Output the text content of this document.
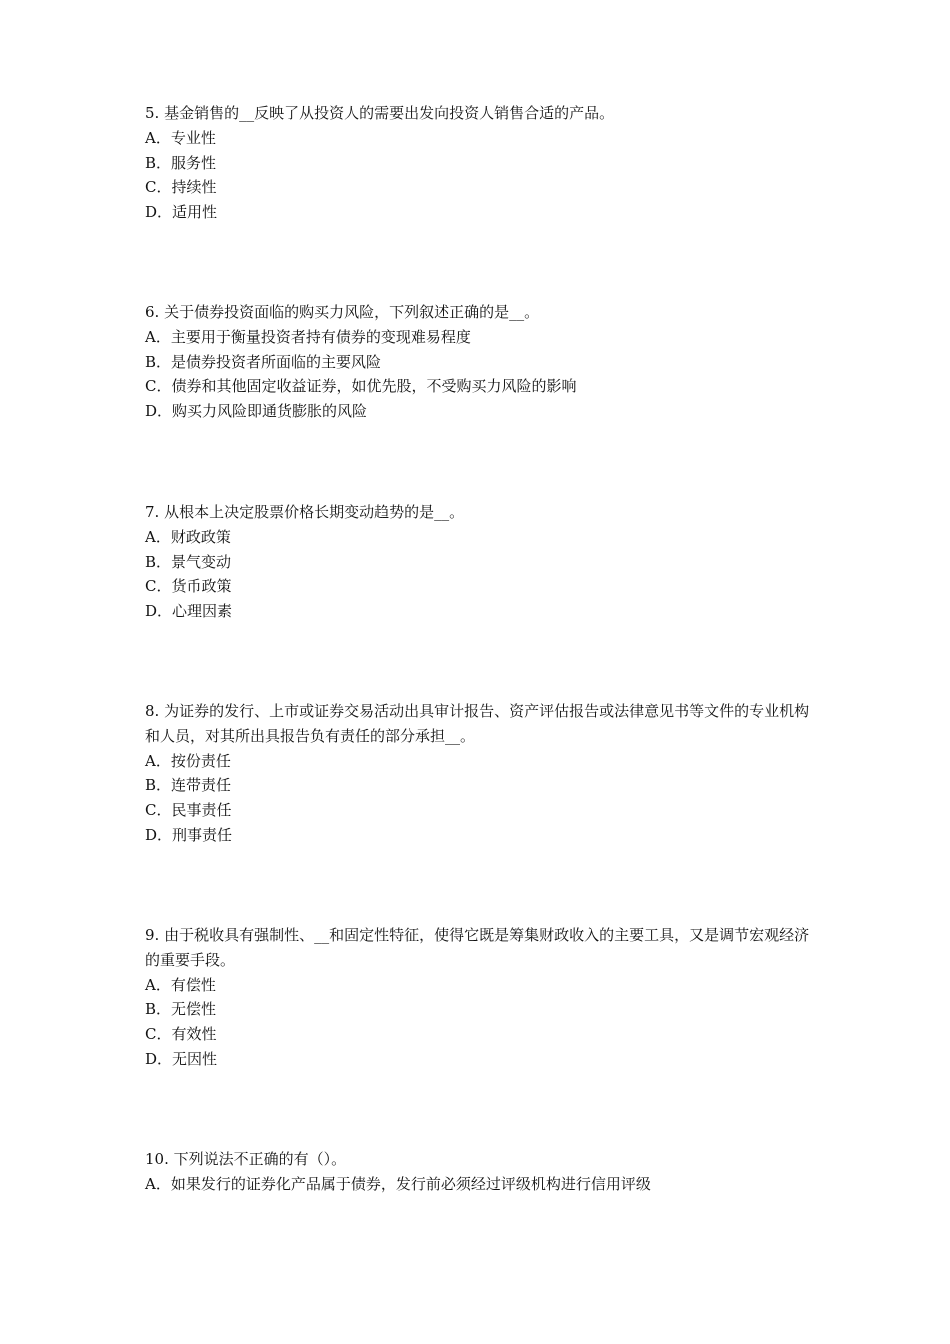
5. 基金销售的__反映了从投资人的需要出发向投资人销售合适的产品。
A．专业性
B．服务性
C．持续性
D．适用性
6. 关于债券投资面临的购买力风险，下列叙述正确的是__。
A．主要用于衡量投资者持有债券的变现难易程度
B．是债券投资者所面临的主要风险
C．债券和其他固定收益证券，如优先股，不受购买力风险的影响
D．购买力风险即通货膨胀的风险
7. 从根本上决定股票价格长期变动趋势的是__。
A．财政政策
B．景气变动
C．货币政策
D．心理因素
8. 为证券的发行、上市或证券交易活动出具审计报告、资产评估报告或法律意见书等文件的专业机构和人员，对其所出具报告负有责任的部分承担__。
A．按份责任
B．连带责任
C．民事责任
D．刑事责任
9. 由于税收具有强制性、__和固定性特征，使得它既是筹集财政收入的主要工具，又是调节宏观经济的重要手段。
A．有偿性
B．无偿性
C．有效性
D．无因性
10. 下列说法不正确的有（）。
A．如果发行的证券化产品属于债券，发行前必须经过评级机构进行信用评级
